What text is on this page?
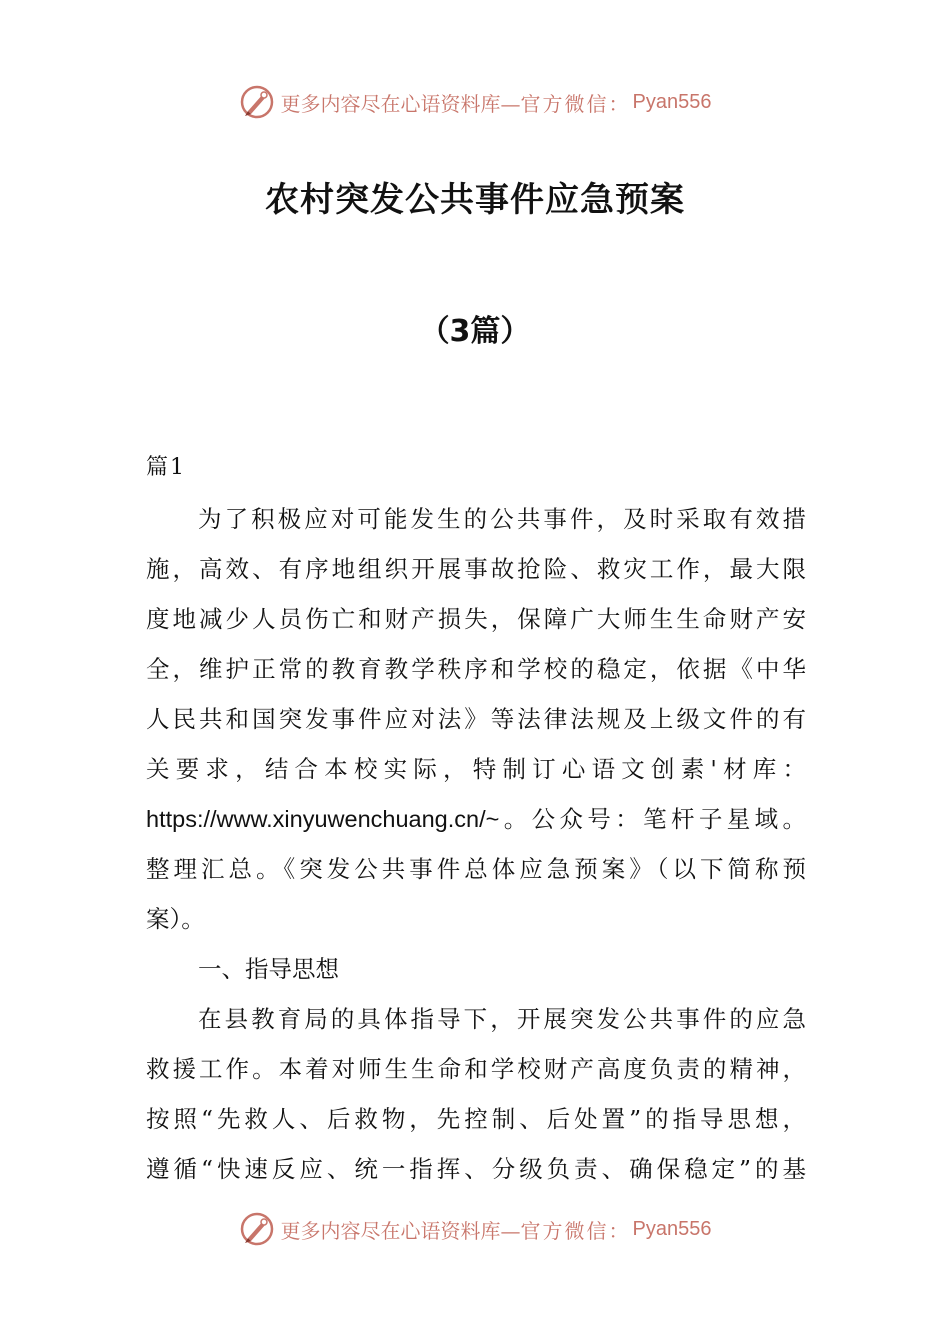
更多内容尽在心语资料库— 官方微信： Pyan556
农村突发公共事件应急预案
（3篇）
篇1
为了积极应对可能发生的公共事件，及时采取有效措
施，高效、有序地组织开展事故抢险、救灾工作，最大限
度地减少人员伤亡和财产损失，保障广大师生生命财产安
全，维护正常的教育教学秩序和学校的稳定，依据《中华
人民共和国突发事件应对法》等法律法规及上级文件的有
关要求，结合本校实际，特制订心语文创素'材库：
https://www.xinyuwenchuang.cn/~。公众号：笔杆子星域。
整理汇总。《突发公共事件总体应急预案》（以下简称预
案）。
一、指导思想
在县教育局的具体指导下，开展突发公共事件的应急
救援工作。本着对师生生命和学校财产高度负责的精神，
按照“先救人、后救物，先控制、后处置”的指导思想，
遵循“快速反应、统一指挥、分级负责、确保稳定”的基
更多内容尽在心语资料库— 官方微信： Pyan556
